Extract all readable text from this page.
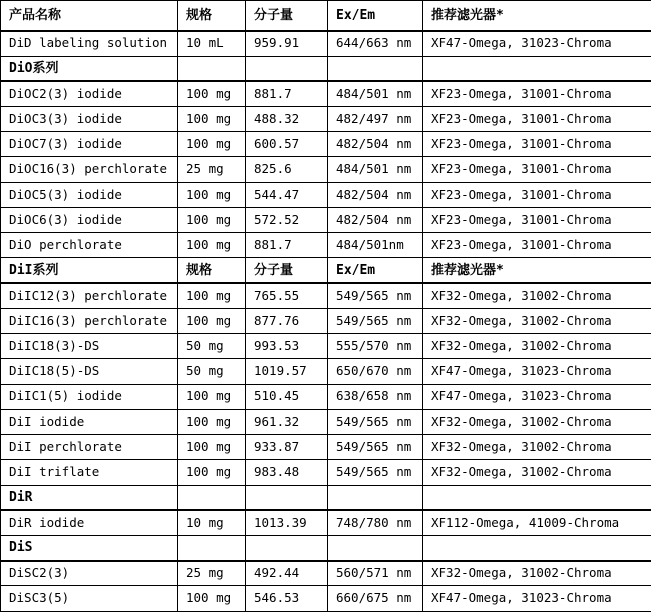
产品名称	规格	分子量	Ex/Em	推荐滤光器*
DiD labeling solution	10 mL	959.91	644/663 nm	XF47-Omega, 31023-Chroma
DiO系列				
DiOC2(3) iodide	100 mg	881.7	484/501 nm	XF23-Omega, 31001-Chroma
DiOC3(3) iodide	100 mg	488.32	482/497 nm	XF23-Omega, 31001-Chroma
DiOC7(3) iodide	100 mg	600.57	482/504 nm	XF23-Omega, 31001-Chroma
DiOC16(3) perchlorate	25 mg	825.6	484/501 nm	XF23-Omega, 31001-Chroma
DiOC5(3) iodide	100 mg	544.47	482/504 nm	XF23-Omega, 31001-Chroma
DiOC6(3) iodide	100 mg	572.52	482/504 nm	XF23-Omega, 31001-Chroma
DiO perchlorate	100 mg	881.7	484/501nm	XF23-Omega, 31001-Chroma
DiI系列	规格	分子量	Ex/Em	推荐滤光器*
DiIC12(3) perchlorate	100 mg	765.55	549/565 nm	XF32-Omega, 31002-Chroma
DiIC16(3) perchlorate	100 mg	877.76	549/565 nm	XF32-Omega, 31002-Chroma
DiIC18(3)-DS	50 mg	993.53	555/570 nm	XF32-Omega, 31002-Chroma
DiIC18(5)-DS	50 mg	1019.57	650/670 nm	XF47-Omega, 31023-Chroma
DiIC1(5) iodide	100 mg	510.45	638/658 nm	XF47-Omega, 31023-Chroma
DiI iodide	100 mg	961.32	549/565 nm	XF32-Omega, 31002-Chroma
DiI perchlorate	100 mg	933.87	549/565 nm	XF32-Omega, 31002-Chroma
DiI triflate	100 mg	983.48	549/565 nm	XF32-Omega, 31002-Chroma
DiR				
DiR iodide	10 mg	1013.39	748/780 nm	XF112-Omega, 41009-Chroma
DiS				
DiSC2(3)	25 mg	492.44	560/571 nm	XF32-Omega, 31002-Chroma
DiSC3(5)	100 mg	546.53	660/675 nm	XF47-Omega, 31023-Chroma
